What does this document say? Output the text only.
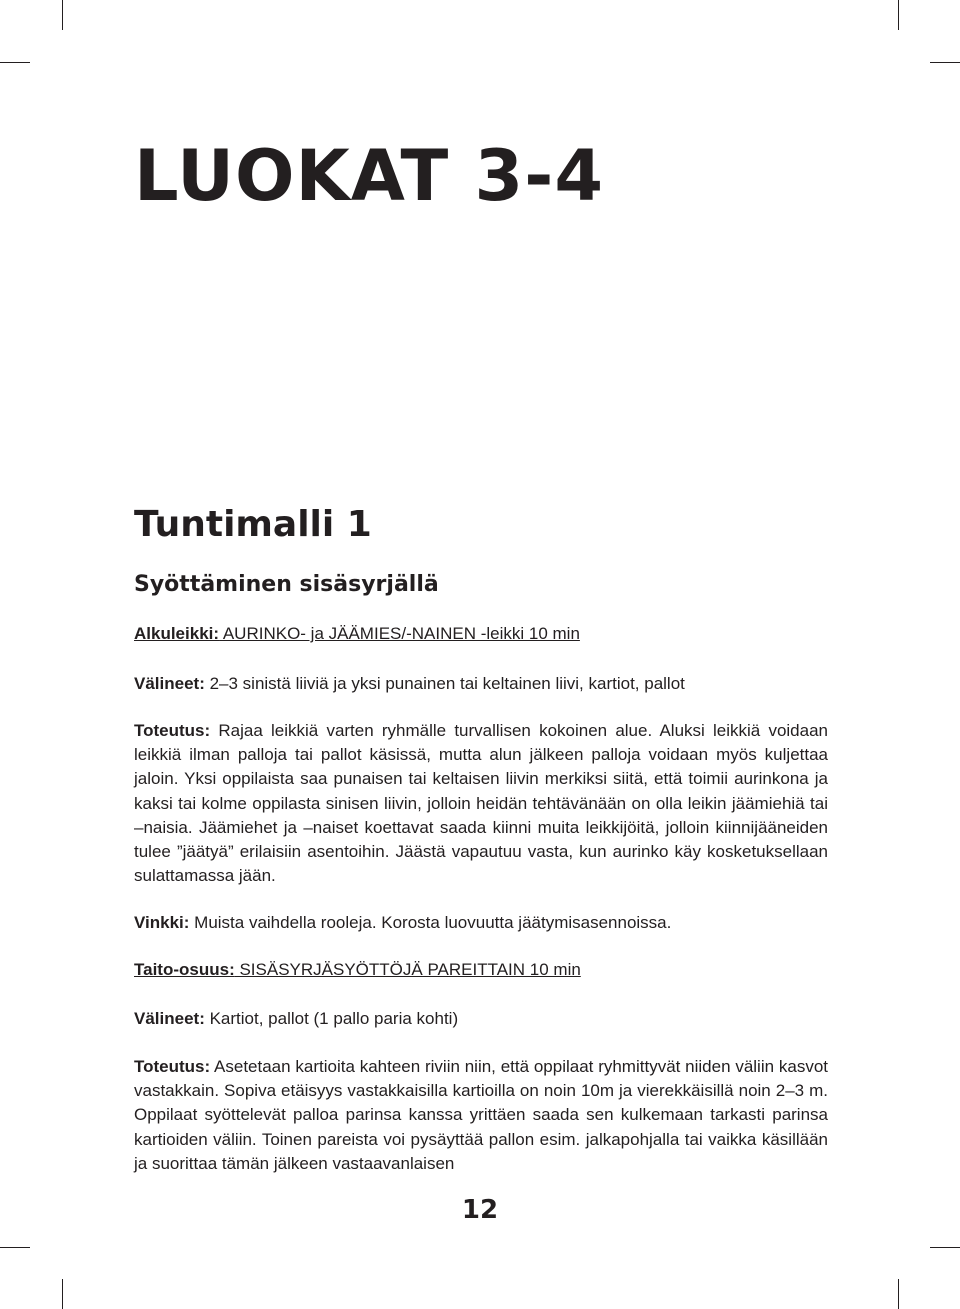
LUOKAT 3-4
Tuntimalli 1
Syöttäminen sisäsyrjällä

Alkuleikki: AURINKO- ja JÄÄMIES/-NAINEN -leikki 10 min

Välineet: 2–3 sinistä liiviä ja yksi punainen tai keltainen liivi, kartiot, pallot

Toteutus: Rajaa leikkiä varten ryhmälle turvallisen kokoinen alue. Aluksi leikkiä voidaan leikkiä ilman palloja tai pallot käsissä, mutta alun jälkeen palloja voidaan myös kuljettaa jaloin. Yksi oppilaista saa punaisen tai keltaisen liivin merkiksi siitä, että toimii aurinkona ja kaksi tai kolme oppilasta sinisen liivin, jolloin heidän tehtävänään on olla leikin jäämiehiä tai –naisia. Jäämiehet ja –naiset koettavat saada kiinni muita leikkijöitä, jolloin kiinnijääneiden tulee ”jäätyä” erilaisiin asentoihin. Jäästä vapautuu vasta, kun aurinko käy kosketuksellaan sulattamassa jään.

Vinkki: Muista vaihdella rooleja. Korosta luovuutta jäätymisasennoissa.

Taito-osuus: SISÄSYRJÄSYÖTTÖJÄ PAREITTAIN 10 min

Välineet: Kartiot, pallot (1 pallo paria kohti)

Toteutus: Asetetaan kartioita kahteen riviin niin, että oppilaat ryhmittyvät niiden väliin kasvot vastakkain. Sopiva etäisyys vastakkaisilla kartioilla on noin 10m ja vierekkäisillä noin 2–3 m. Oppilaat syöttelevät palloa parinsa kanssa yrittäen saada sen kulkemaan tarkasti parinsa kartioiden väliin. Toinen pareista voi pysäyttää pallon esim. jalkapohjalla tai vaikka käsillään ja suorittaa tämän jälkeen vastaavanlaisen

12
